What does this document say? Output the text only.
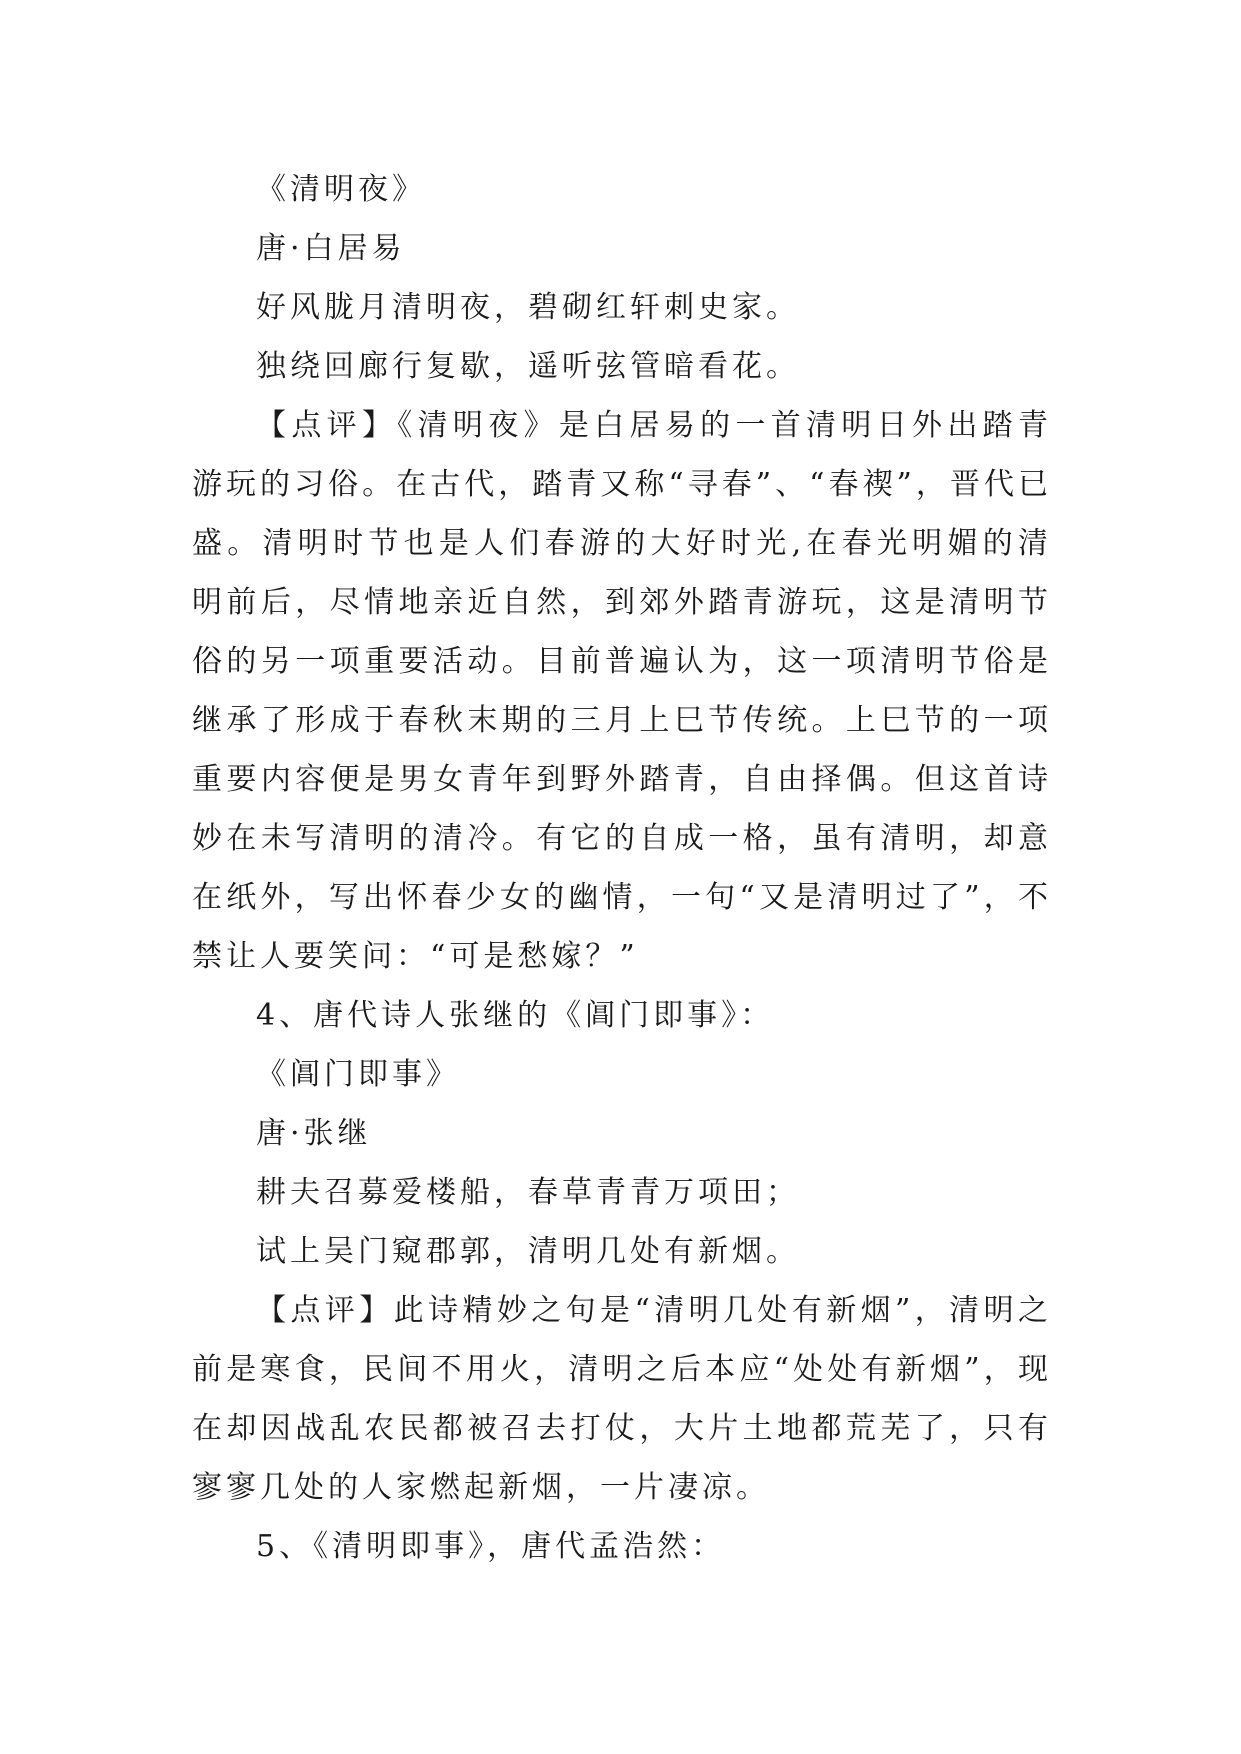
《清明夜》
唐·白居易
好风胧月清明夜，碧砌红轩刺史家。
独绕回廊行复歇，遥听弦管暗看花。
【点评】《清明夜》是白居易的一首清明日外出踏青游玩的习俗。在古代，踏青又称“寻春”、“春禊”，晋代已盛。清明时节也是人们春游的大好时光,在春光明媚的清明前后，尽情地亲近自然，到郊外踏青游玩，这是清明节俗的另一项重要活动。目前普遍认为，这一项清明节俗是继承了形成于春秋末期的三月上巳节传统。上巳节的一项重要内容便是男女青年到野外踏青，自由择偶。但这首诗妙在未写清明的清冷。有它的自成一格，虽有清明，却意在纸外，写出怀春少女的幽情，一句“又是清明过了”，不禁让人要笑问：“可是愁嫁？”
4、唐代诗人张继的《阊门即事》：
《阊门即事》
唐·张继
耕夫召募爱楼船，春草青青万项田；
试上吴门窥郡郭，清明几处有新烟。
【点评】此诗精妙之句是“清明几处有新烟”，清明之前是寒食，民间不用火，清明之后本应“处处有新烟”，现在却因战乱农民都被召去打仗，大片土地都荒芜了，只有寥寥几处的人家燃起新烟，一片凄凉。
5、《清明即事》，唐代孟浩然：
